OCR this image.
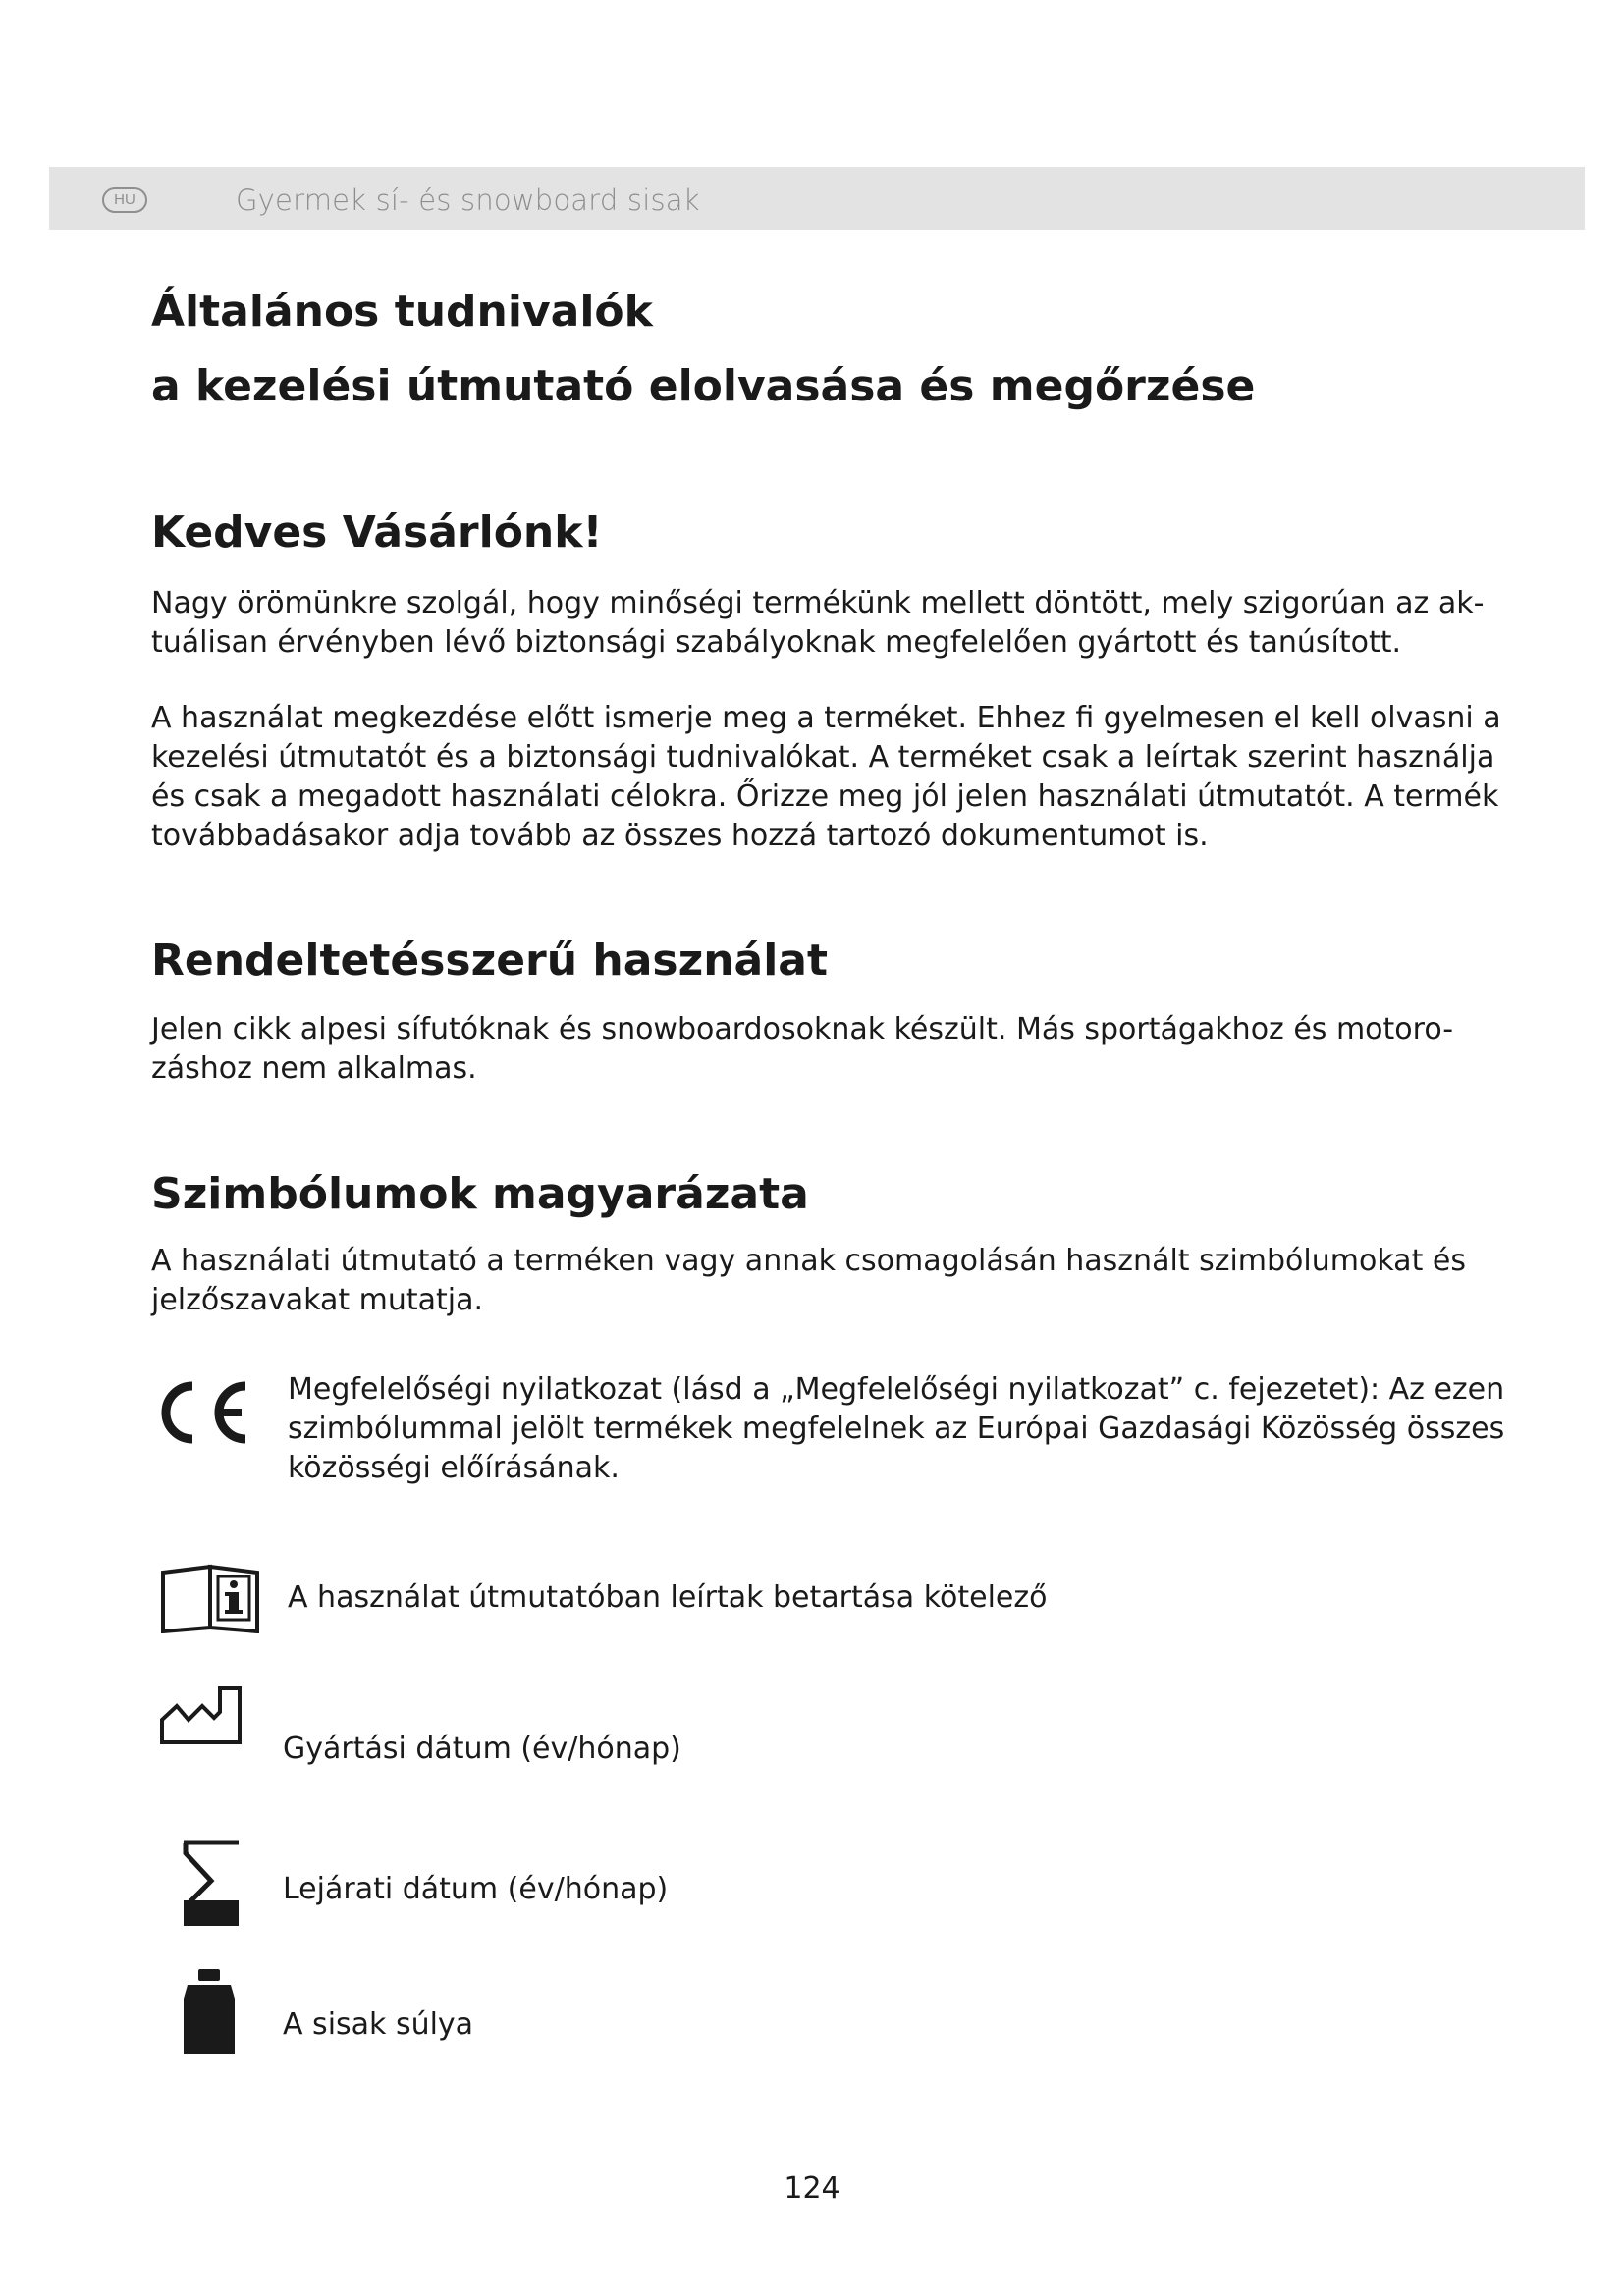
HU	Gyermek sí- és snowboard sisak
Általános tudnivalók
a kezelési útmutató elolvasása és megőrzése
Kedves Vásárlónk!
Nagy örömünkre szolgál, hogy minőségi termékünk mellett döntött, mely szigorúan az ak-
tuálisan érvényben lévő biztonsági szabályoknak megfelelően gyártott és tanúsított.
A használat megkezdése előtt ismerje meg a terméket. Ehhez fi gyelmesen el kell olvasni a
kezelési útmutatót és a biztonsági tudnivalókat. A terméket csak a leírtak szerint használja
és csak a megadott használati célokra. Őrizze meg jól jelen használati útmutatót. A termék
továbbadásakor adja tovább az összes hozzá tartozó dokumentumot is.
Rendeltetésszerű használat
Jelen cikk alpesi sífutóknak és snowboardosoknak készült. Más sportágakhoz és motoro-
záshoz nem alkalmas.
Szimbólumok magyarázata
A használati útmutató a terméken vagy annak csomagolásán használt szimbólumokat és
jelzőszavakat mutatja.
Megfelelőségi nyilatkozat (lásd a „Megfelelőségi nyilatkozat” c. fejezetet): Az ezen
szimbólummal jelölt termékek megfelelnek az Európai Gazdasági Közösség összes
közösségi előírásának.
A használat útmutatóban leírtak betartása kötelező
Gyártási dátum (év/hónap)
Lejárati dátum (év/hónap)
A sisak súlya
124
